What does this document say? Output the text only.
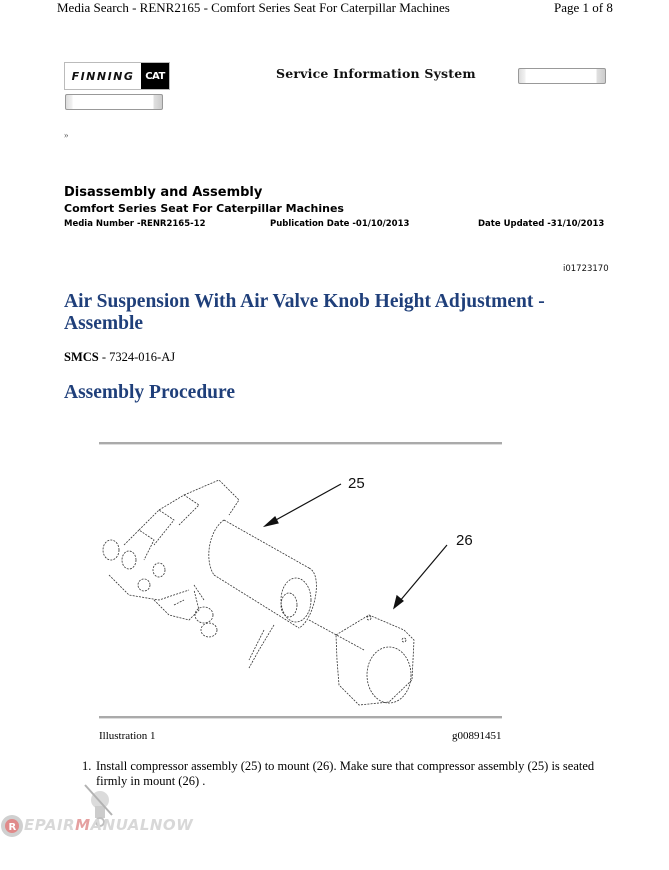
Media Search - RENR2165 - Comfort Series Seat For Caterpillar Machines	Page 1 of 8
FINNING	CAT	Service Information System
»
Disassembly and Assembly
Comfort Series Seat For Caterpillar Machines
Media Number -RENR2165-12	Publication Date -01/10/2013	Date Updated -31/10/2013
i01723170
Air Suspension With Air Valve Knob Height Adjustment - Assemble
SMCS - 7324-016-AJ
Assembly Procedure
25
26
Illustration 1	g00891451
1. Install compressor assembly (25) to mount (26). Make sure that compressor assembly (25) is seated firmly in mount (26) .
R EPAIRMANUALNOW
